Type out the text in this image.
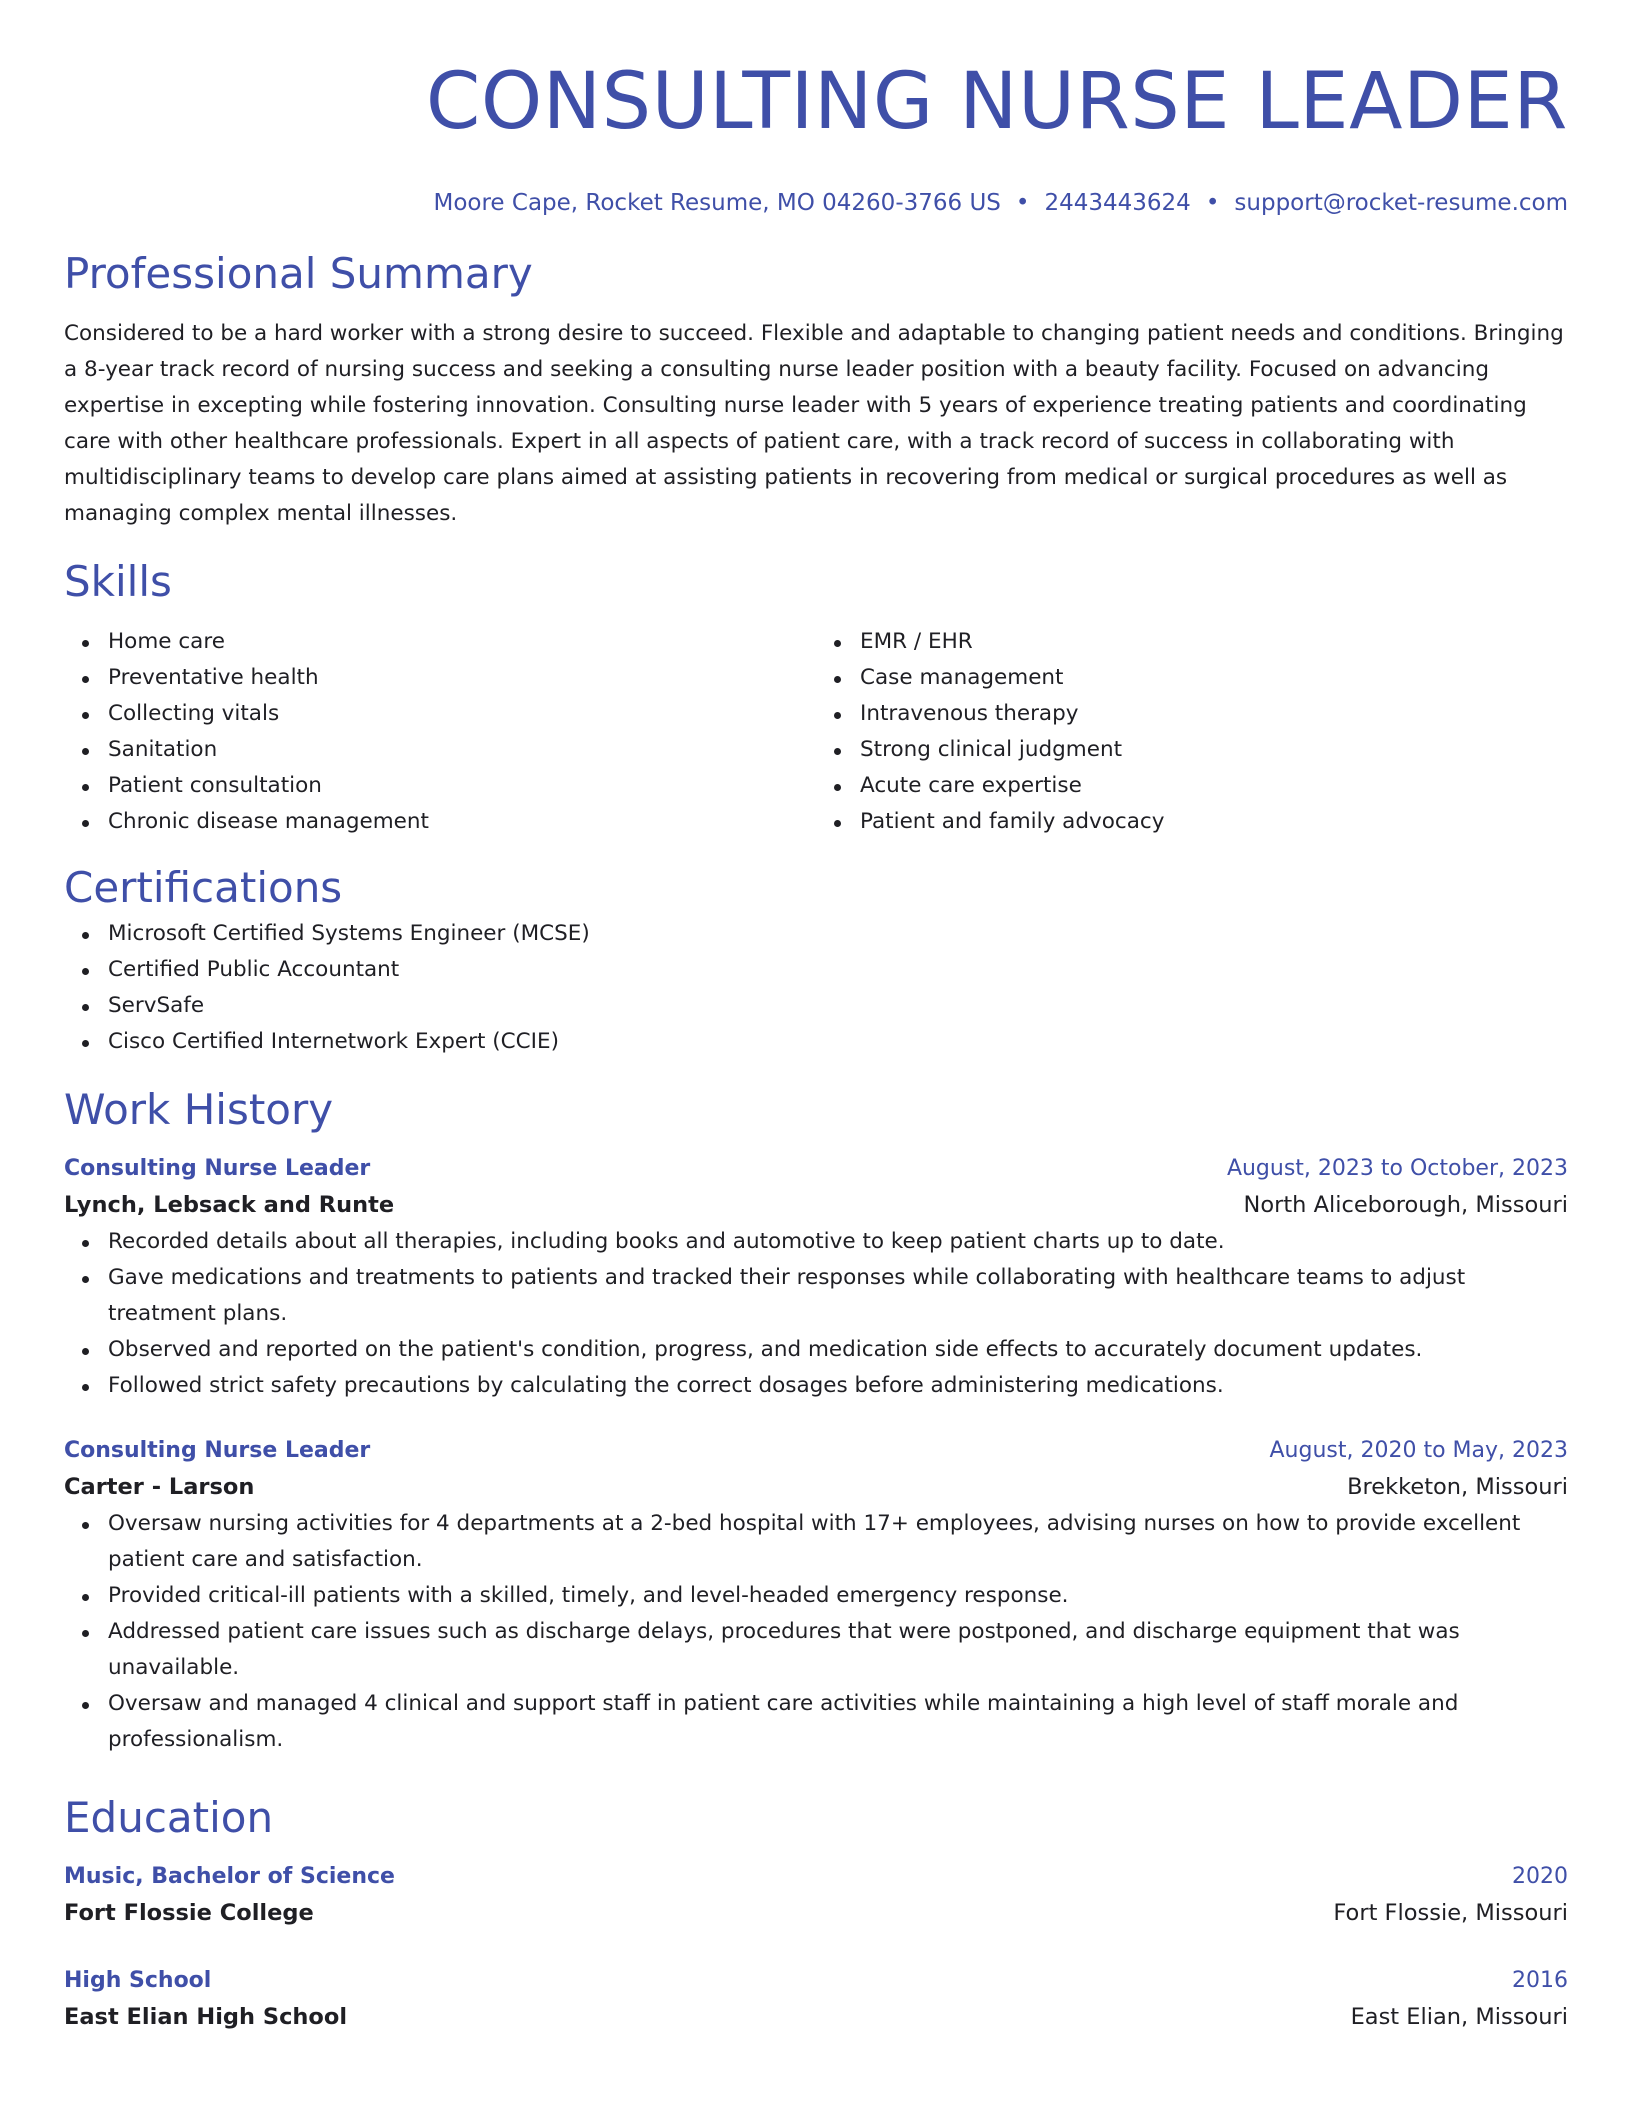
CONSULTING NURSE LEADER
Moore Cape, Rocket Resume, MO 04260-3766 US • 2443443624 • support@rocket-resume.com
Professional Summary

Considered to be a hard worker with a strong desire to succeed. Flexible and adaptable to changing patient needs and conditions. Bringing a 8-year track record of nursing success and seeking a consulting nurse leader position with a beauty facility. Focused on advancing expertise in excepting while fostering innovation. Consulting nurse leader with 5 years of experience treating patients and coordinating care with other healthcare professionals. Expert in all aspects of patient care, with a track record of success in collaborating with multidisciplinary teams to develop care plans aimed at assisting patients in recovering from medical or surgical procedures as well as managing complex mental illnesses.

Skills
Home care
Preventative health
Collecting vitals
Sanitation
Patient consultation
Chronic disease management
EMR / EHR
Case management
Intravenous therapy
Strong clinical judgment
Acute care expertise
Patient and family advocacy
Certifications
Microsoft Certified Systems Engineer (MCSE)
Certified Public Accountant
ServSafe
Cisco Certified Internetwork Expert (CCIE)
Work History
Consulting Nurse Leader	August, 2023 to October, 2023
Lynch, Lebsack and Runte	North Aliceborough, Missouri
Recorded details about all therapies, including books and automotive to keep patient charts up to date.
Gave medications and treatments to patients and tracked their responses while collaborating with healthcare teams to adjust treatment plans.
Observed and reported on the patient's condition, progress, and medication side effects to accurately document updates.
Followed strict safety precautions by calculating the correct dosages before administering medications.
Consulting Nurse Leader	August, 2020 to May, 2023
Carter - Larson	Brekketon, Missouri
Oversaw nursing activities for 4 departments at a 2-bed hospital with 17+ employees, advising nurses on how to provide excellent patient care and satisfaction.
Provided critical-ill patients with a skilled, timely, and level-headed emergency response.
Addressed patient care issues such as discharge delays, procedures that were postponed, and discharge equipment that was unavailable.
Oversaw and managed 4 clinical and support staff in patient care activities while maintaining a high level of staff morale and professionalism.
Education
Music, Bachelor of Science	2020
Fort Flossie College	Fort Flossie, Missouri
High School	2016
East Elian High School	East Elian, Missouri
